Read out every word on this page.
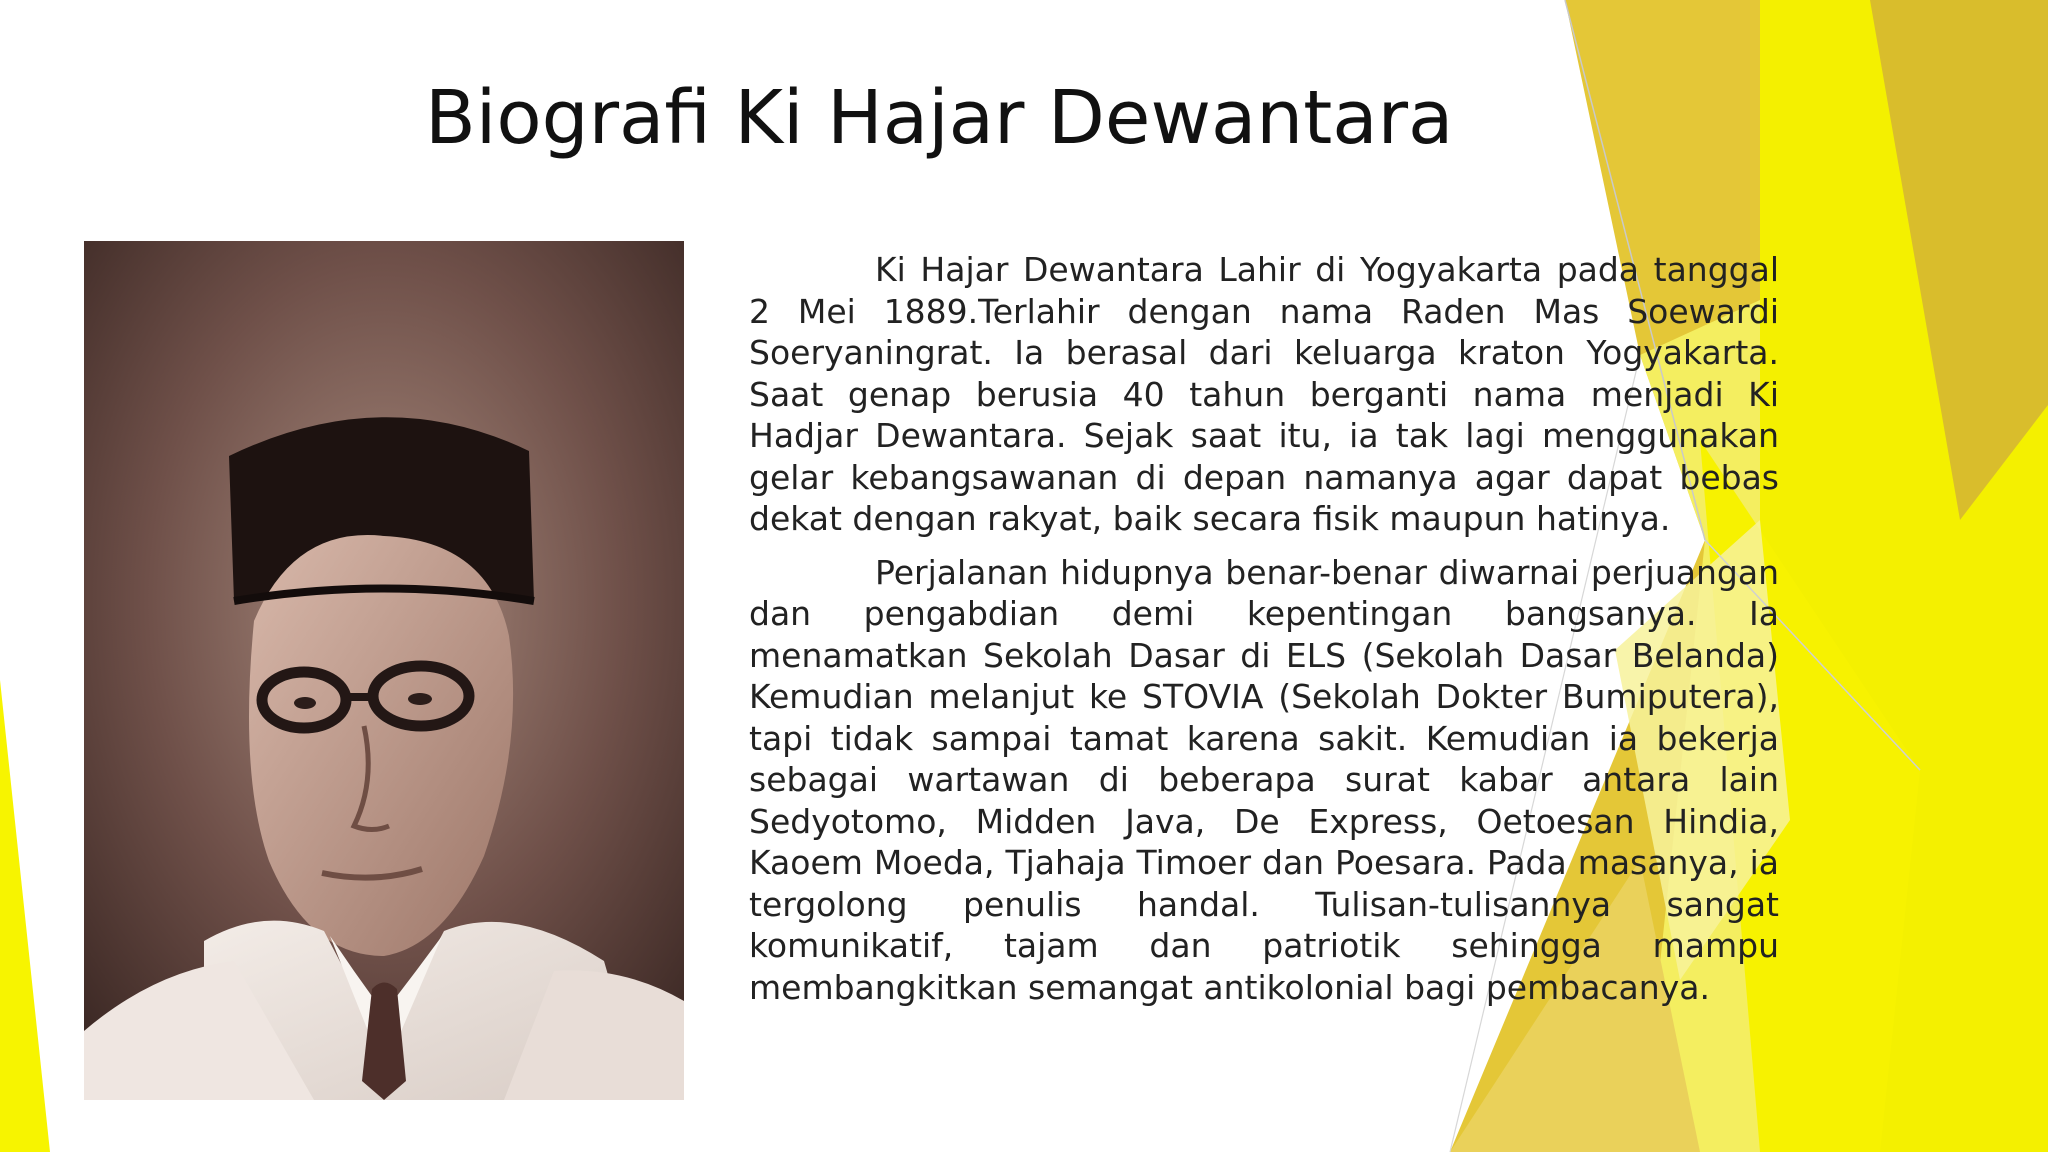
Biografi Ki Hajar Dewantara

Ki Hajar Dewantara Lahir di Yogyakarta pada tanggal 2 Mei 1889.Terlahir dengan nama Raden Mas Soewardi Soeryaningrat. Ia berasal dari keluarga kraton Yogyakarta. Saat genap berusia 40 tahun berganti nama menjadi Ki Hadjar Dewantara. Sejak saat itu, ia tak lagi menggunakan gelar kebangsawanan di depan namanya agar dapat bebas dekat dengan rakyat, baik secara fisik maupun hatinya.

Perjalanan hidupnya benar-benar diwarnai perjuangan dan pengabdian demi kepentingan bangsanya. Ia menamatkan Sekolah Dasar di ELS (Sekolah Dasar Belanda) Kemudian melanjut ke STOVIA (Sekolah Dokter Bumiputera), tapi tidak sampai tamat karena sakit. Kemudian ia bekerja sebagai wartawan di beberapa surat kabar antara lain Sedyotomo, Midden Java, De Express, Oetoesan Hindia, Kaoem Moeda, Tjahaja Timoer dan Poesara. Pada masanya, ia tergolong penulis handal. Tulisan-tulisannya sangat komunikatif, tajam dan patriotik sehingga mampu membangkitkan semangat antikolonial bagi pembacanya.
